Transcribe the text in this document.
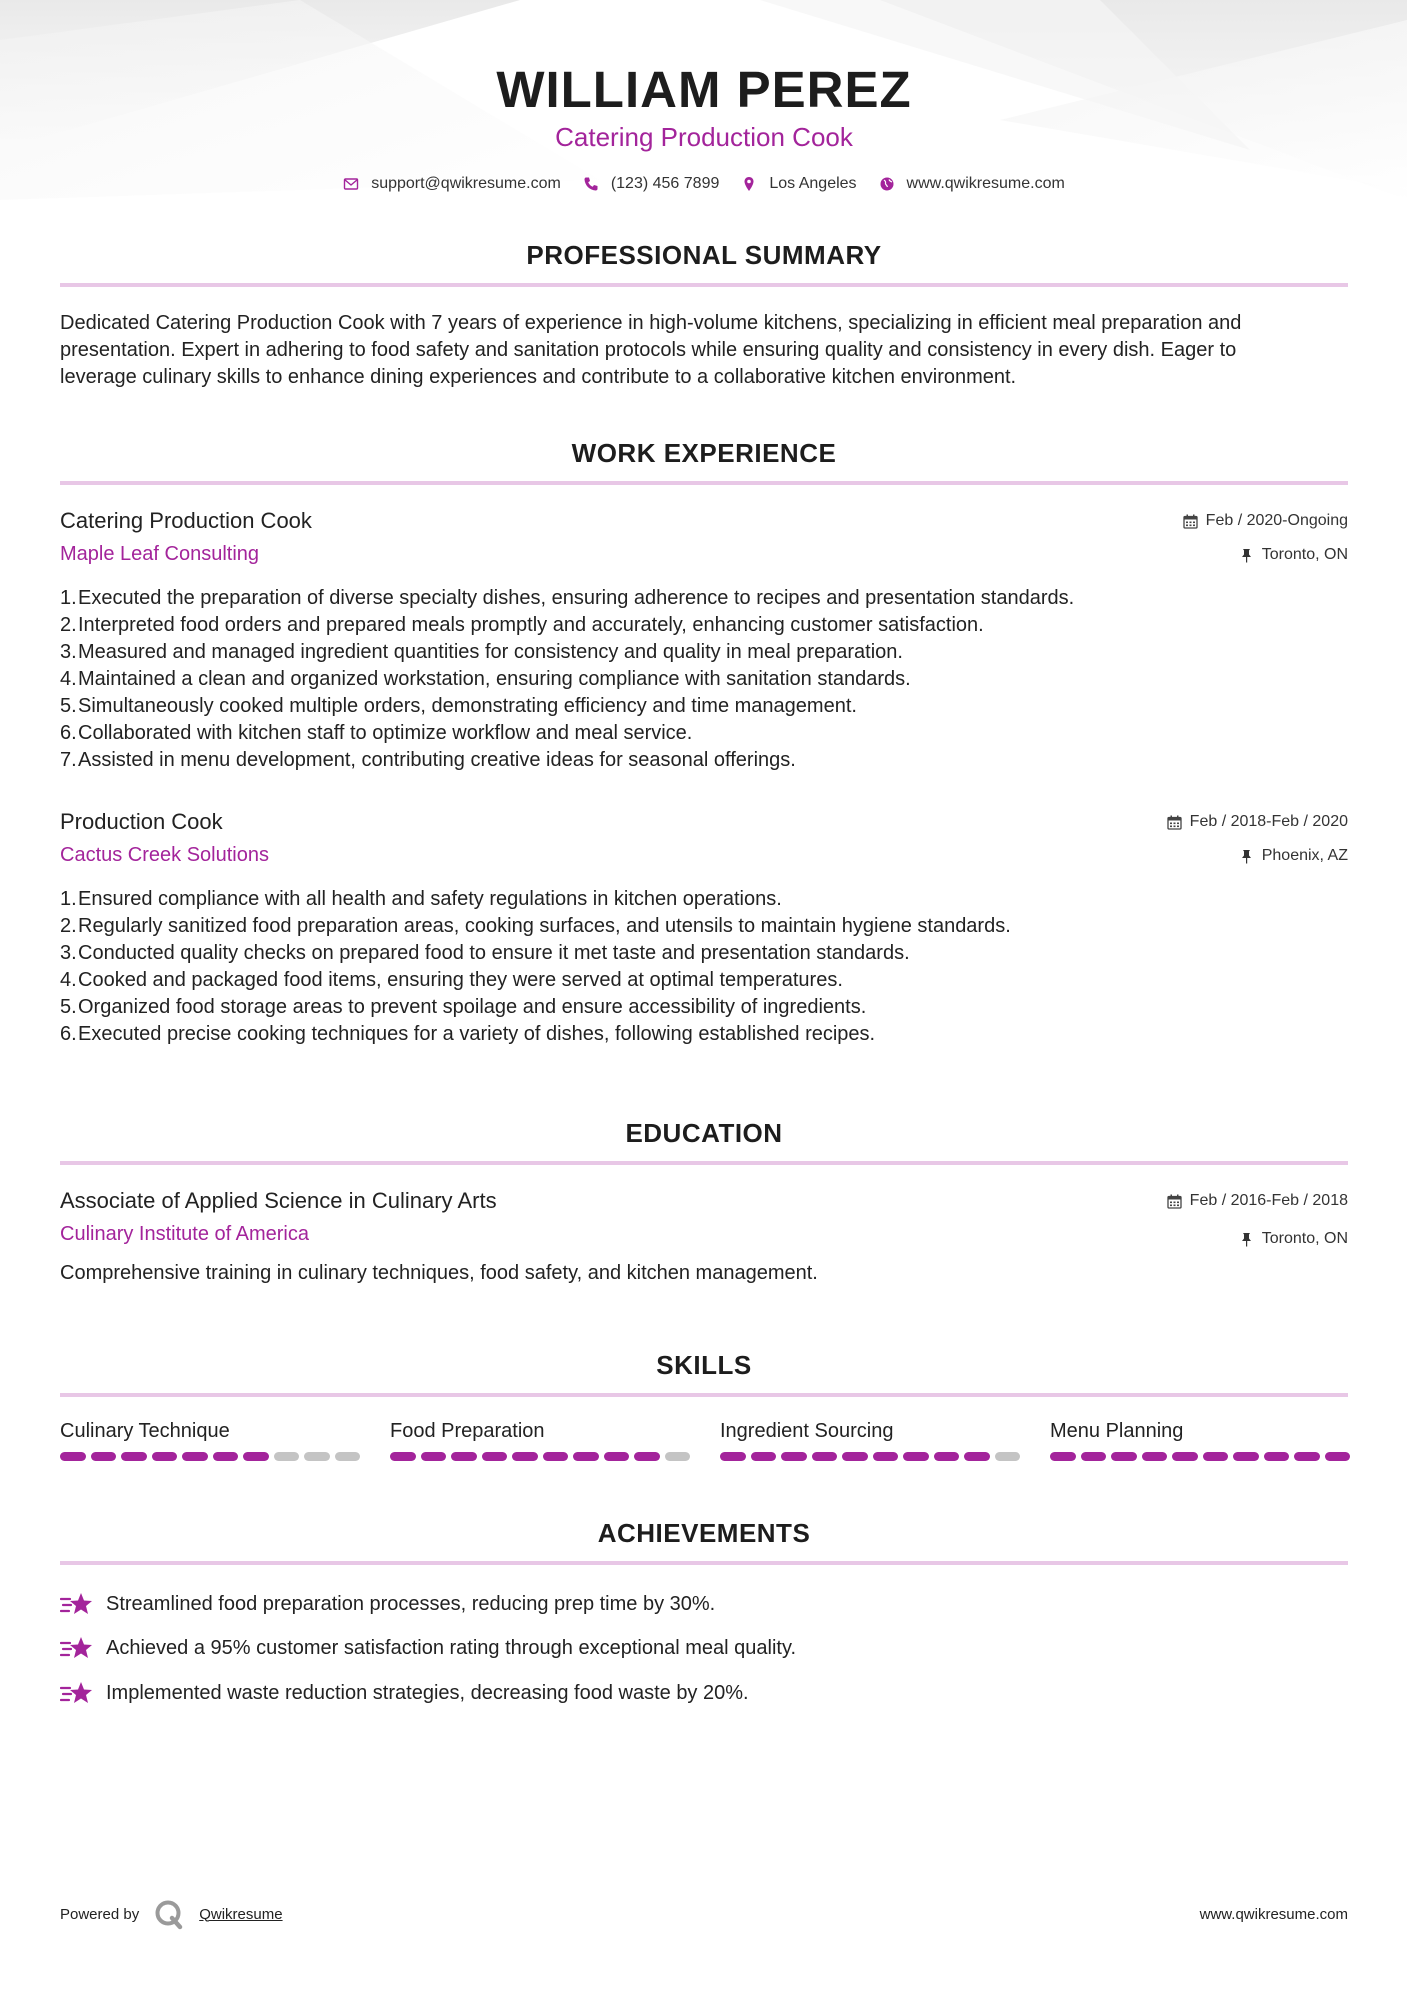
WILLIAM PEREZ
Catering Production Cook
support@qwikresume.com	(123) 456 7899	Los Angeles	www.qwikresume.com
PROFESSIONAL SUMMARY
Dedicated Catering Production Cook with 7 years of experience in high-volume kitchens, specializing in efficient meal preparation and
presentation. Expert in adhering to food safety and sanitation protocols while ensuring quality and consistency in every dish. Eager to
leverage culinary skills to enhance dining experiences and contribute to a collaborative kitchen environment.
WORK EXPERIENCE
Catering Production Cook
Maple Leaf Consulting
Feb / 2020-Ongoing
Toronto, ON
1. Executed the preparation of diverse specialty dishes, ensuring adherence to recipes and presentation standards.
2. Interpreted food orders and prepared meals promptly and accurately, enhancing customer satisfaction.
3. Measured and managed ingredient quantities for consistency and quality in meal preparation.
4. Maintained a clean and organized workstation, ensuring compliance with sanitation standards.
5. Simultaneously cooked multiple orders, demonstrating efficiency and time management.
6. Collaborated with kitchen staff to optimize workflow and meal service.
7. Assisted in menu development, contributing creative ideas for seasonal offerings.
Production Cook
Cactus Creek Solutions
Feb / 2018-Feb / 2020
Phoenix, AZ
1. Ensured compliance with all health and safety regulations in kitchen operations.
2. Regularly sanitized food preparation areas, cooking surfaces, and utensils to maintain hygiene standards.
3. Conducted quality checks on prepared food to ensure it met taste and presentation standards.
4. Cooked and packaged food items, ensuring they were served at optimal temperatures.
5. Organized food storage areas to prevent spoilage and ensure accessibility of ingredients.
6. Executed precise cooking techniques for a variety of dishes, following established recipes.
EDUCATION
Associate of Applied Science in Culinary Arts
Culinary Institute of America
Feb / 2016-Feb / 2018
Toronto, ON
Comprehensive training in culinary techniques, food safety, and kitchen management.
SKILLS
Culinary Technique	Food Preparation	Ingredient Sourcing	Menu Planning
ACHIEVEMENTS
Streamlined food preparation processes, reducing prep time by 30%.
Achieved a 95% customer satisfaction rating through exceptional meal quality.
Implemented waste reduction strategies, decreasing food waste by 20%.
Powered by	Qwikresume	www.qwikresume.com
